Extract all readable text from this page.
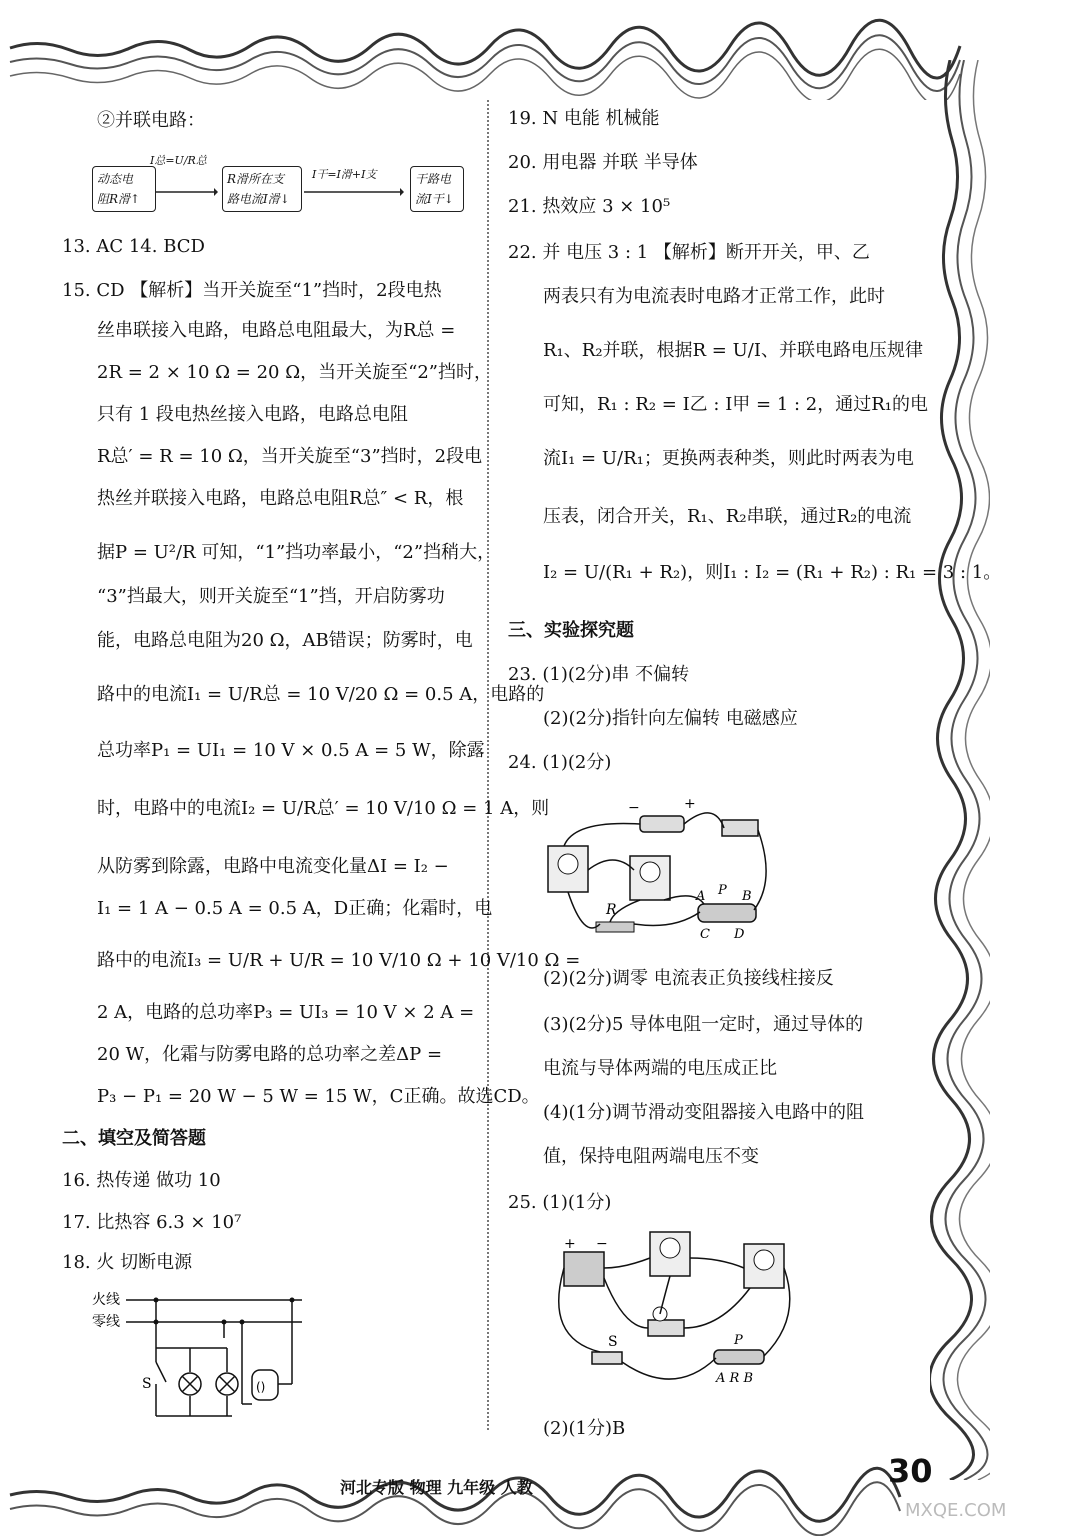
②并联电路：
动态电
阻R滑↑
I总=U/R总
R滑所在支
路电流I滑↓
I干=I滑+I支	干路电
流I干↓
13. AC 14. BCD
15. CD 【解析】当开关旋至“1”挡时，2段电热
丝串联接入电路，电路总电阻最大，为R总 =
2R = 2 × 10 Ω = 20 Ω，当开关旋至“2”挡时，
只有 1 段电热丝接入电路，电路总电阻
R总′ = R = 10 Ω，当开关旋至“3”挡时，2段电
热丝并联接入电路，电路总电阻R总″ < R，根
据P = U²/R 可知，“1”挡功率最小，“2”挡稍大，
“3”挡最大，则开关旋至“1”挡，开启防雾功
能，电路总电阻为20 Ω，AB错误；防雾时，电
路中的电流I₁ = U/R总 = 10 V/20 Ω = 0.5 A，电路的
总功率P₁ = UI₁ = 10 V × 0.5 A = 5 W，除露
时，电路中的电流I₂ = U/R总′ = 10 V/10 Ω = 1 A，则
从防雾到除露，电路中电流变化量ΔI = I₂ −
I₁ = 1 A − 0.5 A = 0.5 A，D正确；化霜时，电
路中的电流I₃ = U/R + U/R = 10 V/10 Ω + 10 V/10 Ω =
2 A，电路的总功率P₃ = UI₃ = 10 V × 2 A =
20 W，化霜与防雾电路的总功率之差ΔP =
P₃ − P₁ = 20 W − 5 W = 15 W，C正确。故选CD。
二、填空及简答题
16. 热传递 做功 10
17. 比热容 6.3 × 10⁷
18. 火 切断电源
火线
零线
S	()
19. N 电能 机械能
20. 用电器 并联 半导体
21. 热效应 3 × 10⁵
22. 并 电压 3 : 1 【解析】断开开关，甲、乙
两表只有为电流表时电路才正常工作，此时
R₁、R₂并联，根据R = U/I、并联电路电压规律
可知，R₁ : R₂ = I乙 : I甲 = 1 : 2，通过R₁的电
流I₁ = U/R₁；更换两表种类，则此时两表为电
压表，闭合开关，R₁、R₂串联，通过R₂的电流
I₂ = U/(R₁ + R₂)，则I₁ : I₂ = (R₁ + R₂) : R₁ = 3 : 1。
三、实验探究题
23. (1)(2分)串 不偏转
(2)(2分)指针向左偏转 电磁感应
24. (1)(2分)
−	+
R
A P B
C D
(2)(2分)调零 电流表正负接线柱接反
(3)(2分)5 导体电阻一定时，通过导体的
电流与导体两端的电压成正比
(4)(1分)调节滑动变阻器接入电路中的阻
值，保持电阻两端电压不变
25. (1)(1分)
+ −
S	P
A R B
(2)(1分)B
河北专版 物理 九年级 人教	30
MXQE.COM
